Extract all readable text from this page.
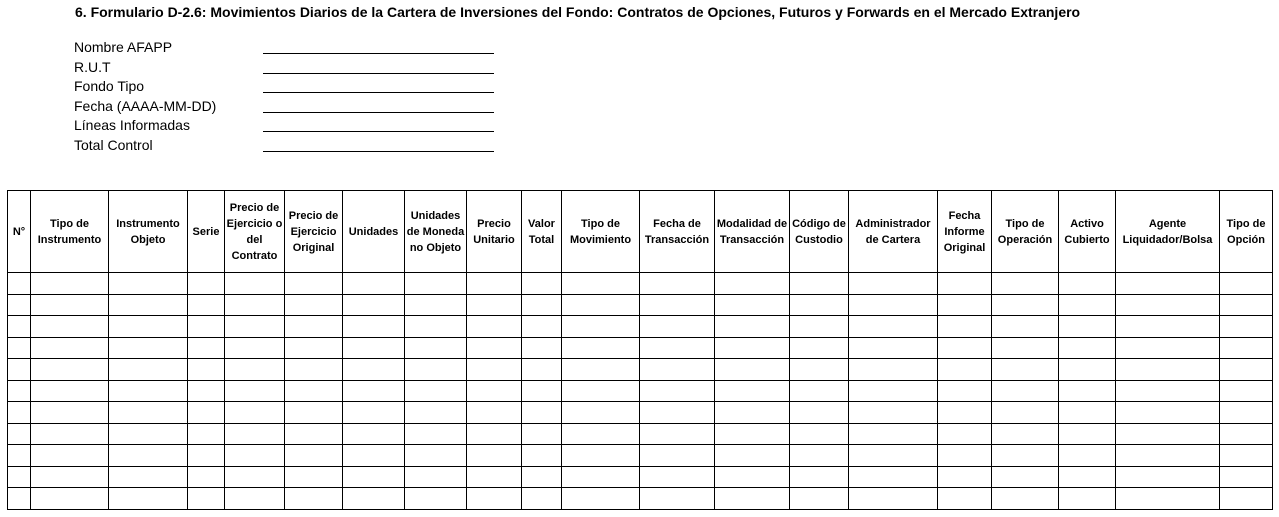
6. Formulario D-2.6: Movimientos Diarios de la Cartera de Inversiones del Fondo: Contratos de Opciones, Futuros y Forwards en el Mercado Extranjero
Nombre AFAPP
R.U.T
Fondo Tipo
Fecha (AAAA-MM-DD)
Líneas Informadas
Total Control
N°	Tipo de Instrumento	Instrumento Objeto	Serie	Precio de Ejercicio o del Contrato	Precio de Ejercicio Original	Unidades	Unidades de Moneda no Objeto	Precio Unitario	Valor Total	Tipo de Movimiento	Fecha de Transacción	Modalidad de Transacción	Código de Custodio	Administrador de Cartera	Fecha Informe Original	Tipo de Operación	Activo Cubierto	Agente Liquidador/Bolsa	Tipo de Opción
